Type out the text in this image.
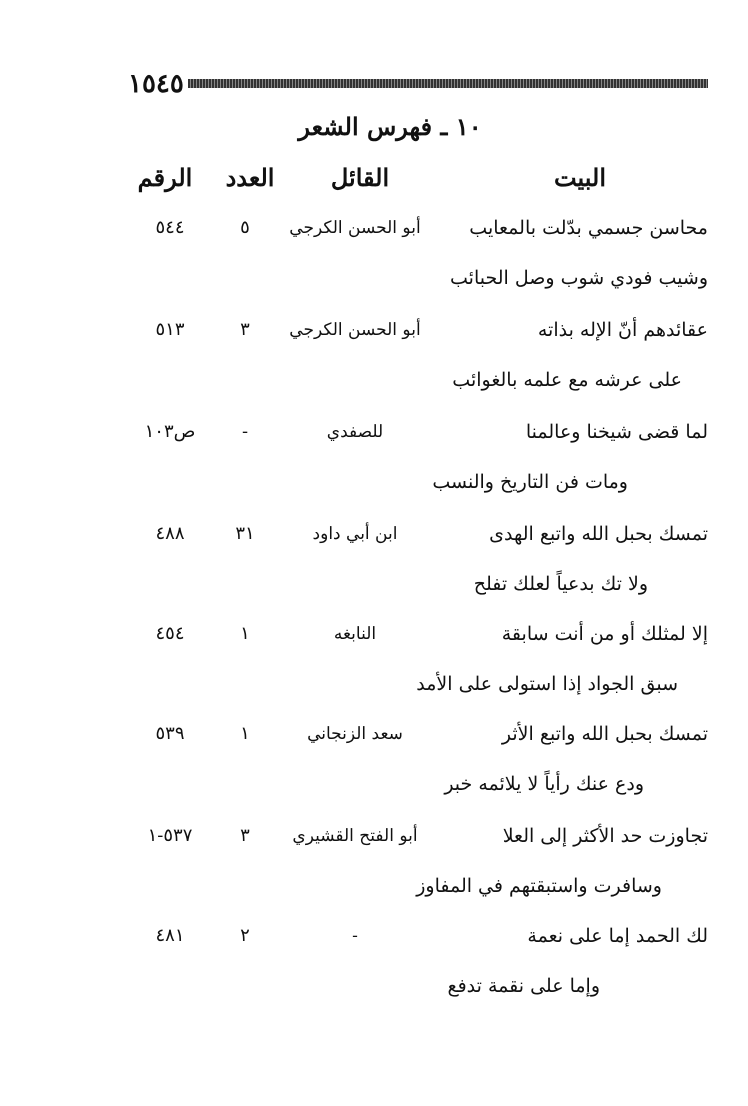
١٥٤٥
١٠ ـ فهرس الشعر
البيت
القائل
العدد
الرقم
محاسن جسمي بدّلت بالمعايب
أبو الحسن الكرجي
٥
٥٤٤
وشيب فودي شوب وصل الحبائب
عقائدهم أنّ الإله بذاته
أبو الحسن الكرجي
٣
٥١٣
على عرشه مع علمه بالغوائب
لما قضى شيخنا وعالمنا
للصفدي
-
ص١٠٣
ومات فن التاريخ والنسب
تمسك بحبل الله واتبع الهدى
ابن أبي داود
٣١
٤٨٨
ولا تك بدعياً لعلك تفلح
إلا لمثلك أو من أنت سابقة
النابغه
١
٤٥٤
سبق الجواد إذا استولى على الأمد
تمسك بحبل الله واتبع الأثر
سعد الزنجاني
١
٥٣٩
ودع عنك رأياً لا يلائمه خبر
تجاوزت حد الأكثر إلى العلا
أبو الفتح القشيري
٣
٥٣٧-١
وسافرت واستبقتهم في المفاوز
لك الحمد إما على نعمة
-
٢
٤٨١
وإما على نقمة تدفع
